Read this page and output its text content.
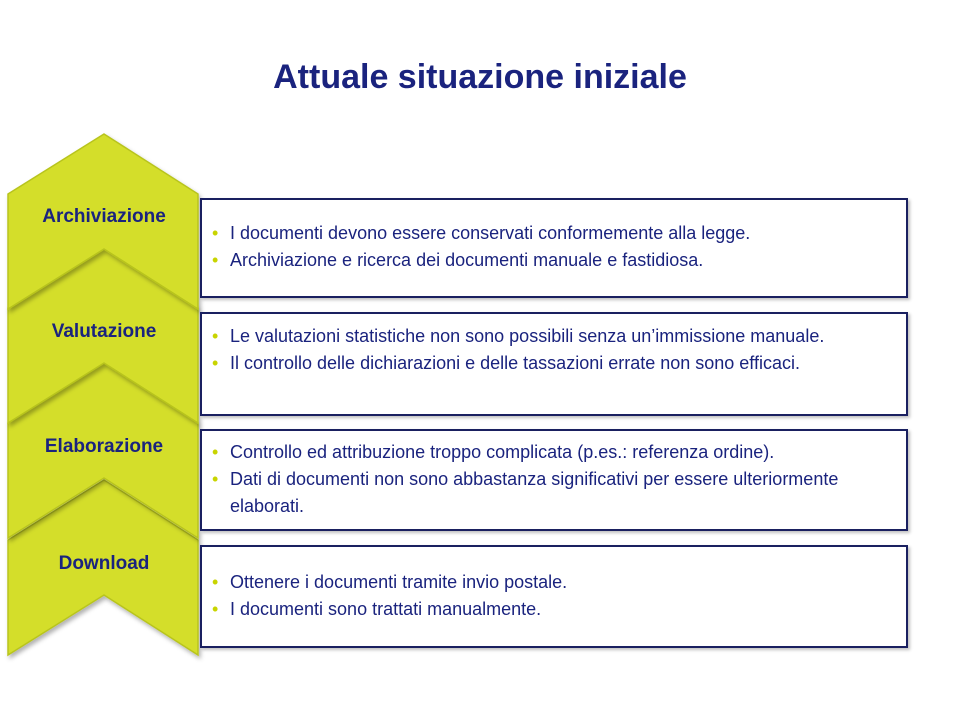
Attuale situazione iniziale
Archiviazione
Valutazione
Elaborazione
Download
• I documenti devono essere conservati conformemente alla legge.
• Archiviazione e ricerca dei documenti manuale e fastidiosa.
• Le valutazioni statistiche non sono possibili senza un’immissione manuale.
• Il controllo delle dichiarazioni e delle tassazioni errate non sono efficaci.
• Controllo ed attribuzione troppo complicata (p.es.: referenza ordine).
• Dati di documenti non sono abbastanza significativi per essere ulteriormente elaborati.
• Ottenere i documenti tramite invio postale.
• I documenti sono trattati manualmente.
